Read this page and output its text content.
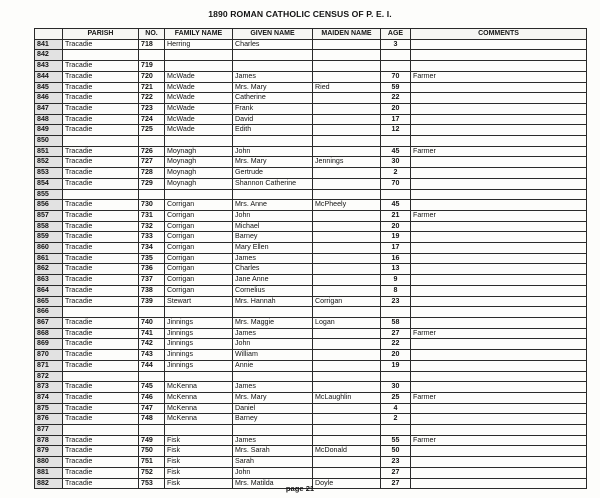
1890 ROMAN CATHOLIC CENSUS OF P. E. I.
	PARISH	NO.	FAMILY NAME	GIVEN NAME	MAIDEN NAME	AGE	COMMENTS
841	Tracadie	718	Herring	Charles		3	
842							
843	Tracadie	719					
844	Tracadie	720	McWade	James		70	Farmer
845	Tracadie	721	McWade	Mrs. Mary	Ried	59	
846	Tracadie	722	McWade	Catherine		22	
847	Tracadie	723	McWade	Frank		20	
848	Tracadie	724	McWade	David		17	
849	Tracadie	725	McWade	Edith		12	
850							
851	Tracadie	726	Moynagh	John		45	Farmer
852	Tracadie	727	Moynagh	Mrs. Mary	Jennings	30	
853	Tracadie	728	Moynagh	Gertrude		2	
854	Tracadie	729	Moynagh	Shannon Catherine		70	
855							
856	Tracadie	730	Corrigan	Mrs. Anne	McPheely	45	
857	Tracadie	731	Corrigan	John		21	Farmer
858	Tracadie	732	Corrigan	Michael		20	
859	Tracadie	733	Corrigan	Barney		19	
860	Tracadie	734	Corrigan	Mary Ellen		17	
861	Tracadie	735	Corrigan	James		16	
862	Tracadie	736	Corrigan	Charles		13	
863	Tracadie	737	Corrigan	Jane Anne		9	
864	Tracadie	738	Corrigan	Cornelius		8	
865	Tracadie	739	Stewart	Mrs. Hannah	Corrigan	23	
866							
867	Tracadie	740	Jinnings	Mrs. Maggie	Logan	58	
868	Tracadie	741	Jinnings	James		27	Farmer
869	Tracadie	742	Jinnings	John		22	
870	Tracadie	743	Jinnings	William		20	
871	Tracadie	744	Jinnings	Annie		19	
872							
873	Tracadie	745	McKenna	James		30	
874	Tracadie	746	McKenna	Mrs. Mary	McLaughlin	25	Farmer
875	Tracadie	747	McKenna	Daniel		4	
876	Tracadie	748	McKenna	Barney		2	
877							
878	Tracadie	749	Fisk	James		55	Farmer
879	Tracadie	750	Fisk	Mrs. Sarah	McDonald	50	
880	Tracadie	751	Fisk	Sarah		23	
881	Tracadie	752	Fisk	John		27	
882	Tracadie	753	Fisk	Mrs. Matilda	Doyle	27	
page 21
